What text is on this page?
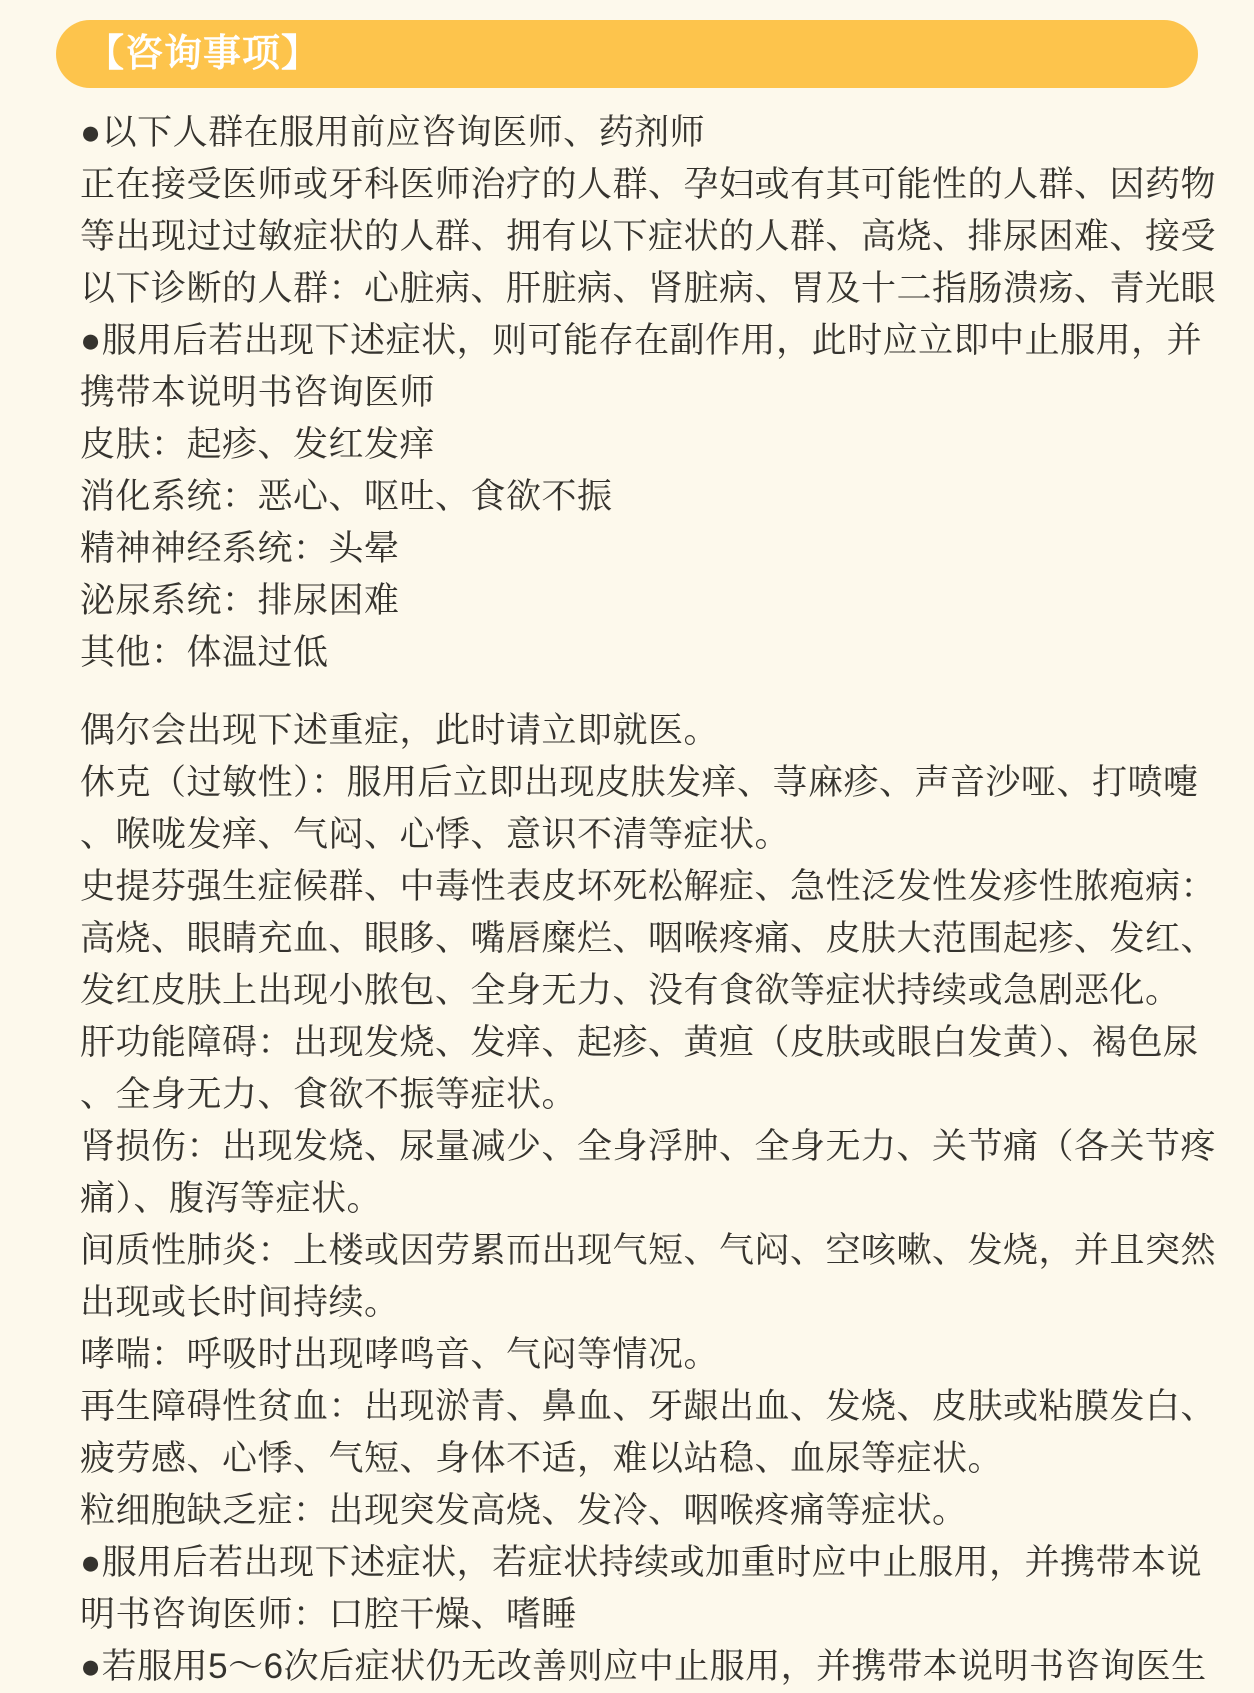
【咨询事项】
●以下人群在服用前应咨询医师、药剂师
正在接受医师或牙科医师治疗的人群、孕妇或有其可能性的人群、因药物
等出现过过敏症状的人群、拥有以下症状的人群、高烧、排尿困难、接受
以下诊断的人群：心脏病、肝脏病、肾脏病、胃及十二指肠溃疡、青光眼
●服用后若出现下述症状，则可能存在副作用，此时应立即中止服用，并
携带本说明书咨询医师
皮肤：起疹、发红发痒
消化系统：恶心、呕吐、食欲不振
精神神经系统：头晕
泌尿系统：排尿困难
其他：体温过低
偶尔会出现下述重症，此时请立即就医。
休克（过敏性）：服用后立即出现皮肤发痒、荨麻疹、声音沙哑、打喷嚏
、喉咙发痒、气闷、心悸、意识不清等症状。
史提芬强生症候群、中毒性表皮坏死松解症、急性泛发性发疹性脓疱病：
高烧、眼睛充血、眼眵、嘴唇糜烂、咽喉疼痛、皮肤大范围起疹、发红、
发红皮肤上出现小脓包、全身无力、没有食欲等症状持续或急剧恶化。
肝功能障碍：出现发烧、发痒、起疹、黄疸（皮肤或眼白发黄）、褐色尿
、全身无力、食欲不振等症状。
肾损伤：出现发烧、尿量减少、全身浮肿、全身无力、关节痛（各关节疼
痛）、腹泻等症状。
间质性肺炎：上楼或因劳累而出现气短、气闷、空咳嗽、发烧，并且突然
出现或长时间持续。
哮喘：呼吸时出现哮鸣音、气闷等情况。
再生障碍性贫血：出现淤青、鼻血、牙龈出血、发烧、皮肤或粘膜发白、
疲劳感、心悸、气短、身体不适，难以站稳、血尿等症状。
粒细胞缺乏症：出现突发高烧、发冷、咽喉疼痛等症状。
●服用后若出现下述症状，若症状持续或加重时应中止服用，并携带本说
明书咨询医师：口腔干燥、嗜睡
●若服用5～6次后症状仍无改善则应中止服用，并携带本说明书咨询医生
